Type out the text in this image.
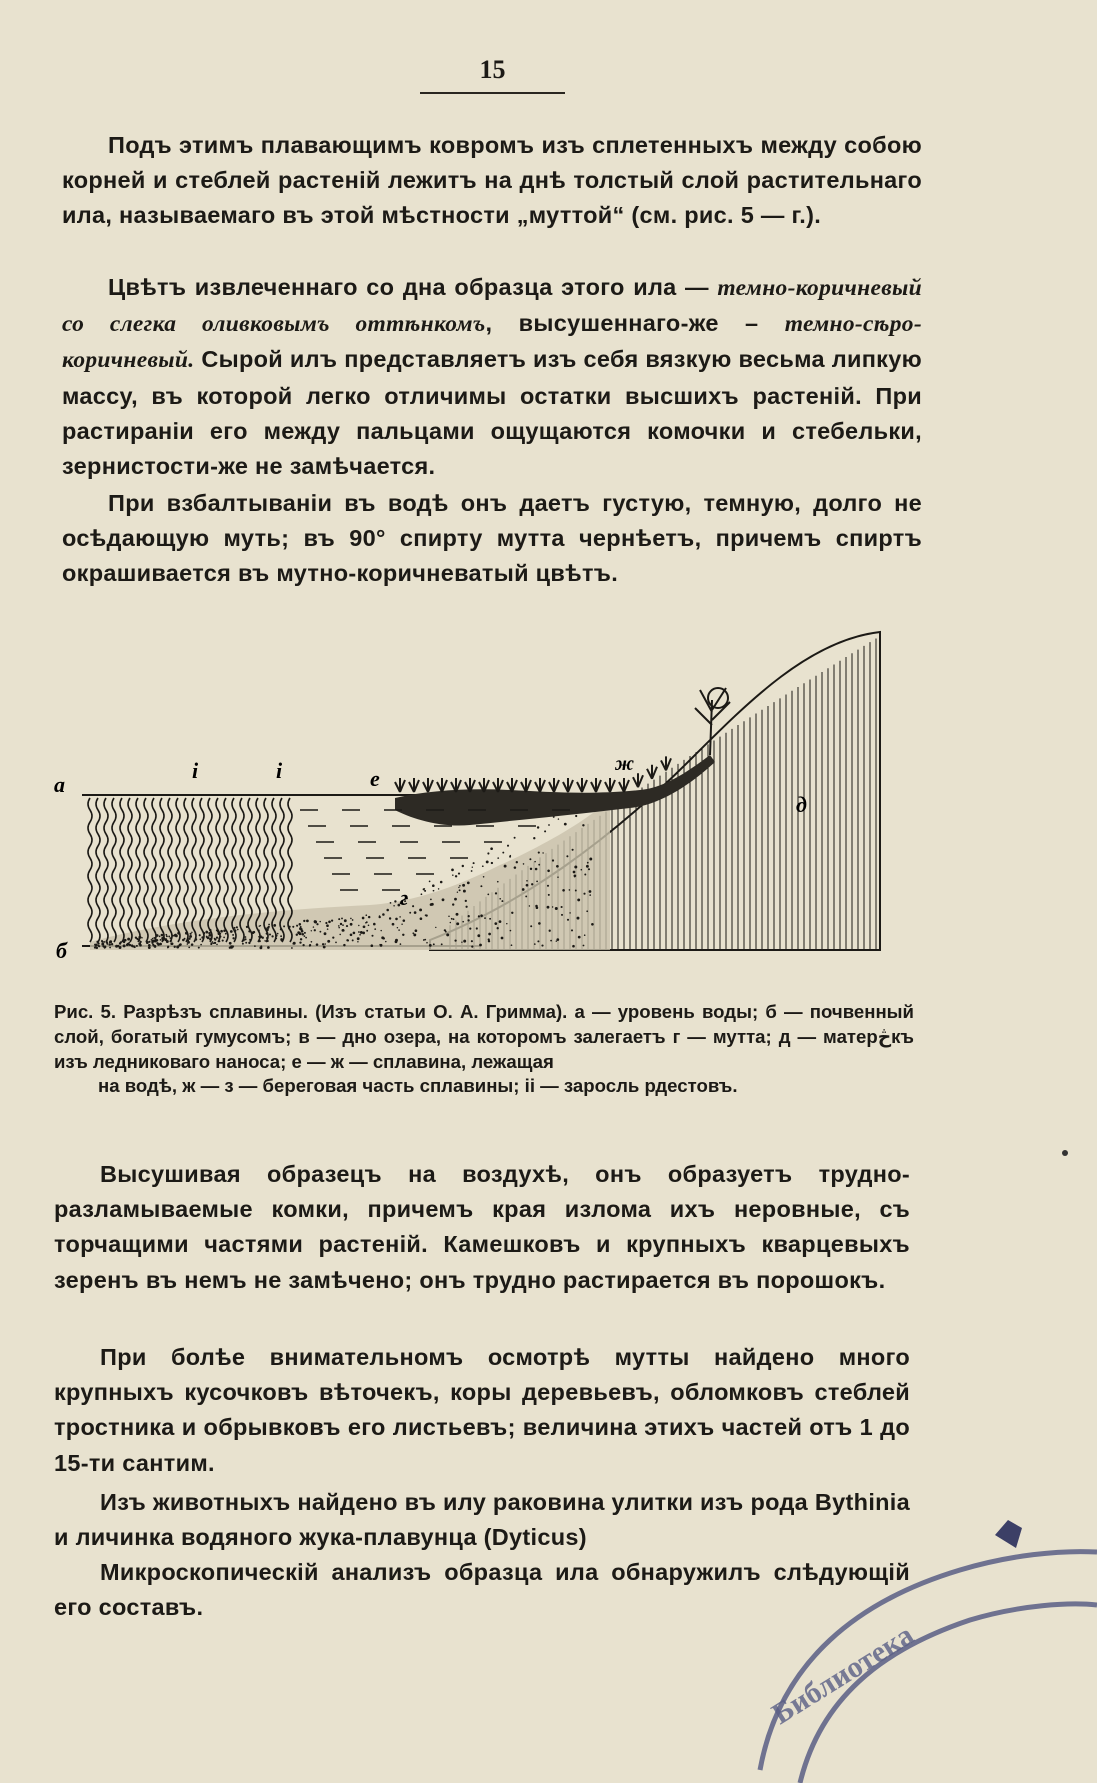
15

Подъ этимъ плавающимъ ковромъ изъ сплетенныхъ между собою корней и стеблей растеній лежитъ на днѣ толстый слой растительнаго ила, называемаго въ этой мѣстности „муттой“ (см. рис. 5 — г.).

Цвѣтъ извлеченнаго со дна образца этого ила — темно-коричневый со слегка оливковымъ оттѣнкомъ, высушеннаго-же – темно-сѣро-коричневый. Сырой илъ представляетъ изъ себя вязкую весьма липкую массу, въ которой легко отличимы остатки высшихъ растеній. При растираніи его между пальцами ощущаются комочки и стебельки, зернистости-же не замѣчается.

При взбалтываніи въ водѣ онъ даетъ густую, темную, долго не осѣдающую муть; въ 90° спирту мутта чернѣетъ, причемъ спиртъ окрашивается въ мутно-коричневатый цвѣтъ.

а
б
і	і	е
ж
г
д

Рис. 5. Разрѣзъ сплавины. (Изъ статьи О. А. Гримма). а — уровень воды; б — почвенный слой, богатый гумусомъ; в — дно озера, на которомъ залегаетъ г — мутта; д — матерڅкъ изъ ледниковаго наноса; е — ж — сплавина, лежащая
на водѣ, ж — з — береговая часть сплавины; іі — заросль рдестовъ.

Высушивая образецъ на воздухѣ, онъ образуетъ трудно-разламываемые комки, причемъ края излома ихъ неровные, съ торчащими частями растеній. Камешковъ и крупныхъ кварцевыхъ зеренъ въ немъ не замѣчено; онъ трудно растирается въ порошокъ.

При болѣе внимательномъ осмотрѣ мутты найдено много крупныхъ кусочковъ вѣточекъ, коры деревьевъ, обломковъ стеблей тростника и обрывковъ его листьевъ; величина этихъ частей отъ 1 до 15-ти сантим.

Изъ животныхъ найдено въ илу раковина улитки изъ рода Bythinia и личинка водяного жука-плавунца (Dyticus)

Микроскопическій анализъ образца ила обнаружилъ слѣдующій его составъ.

Библиотека
